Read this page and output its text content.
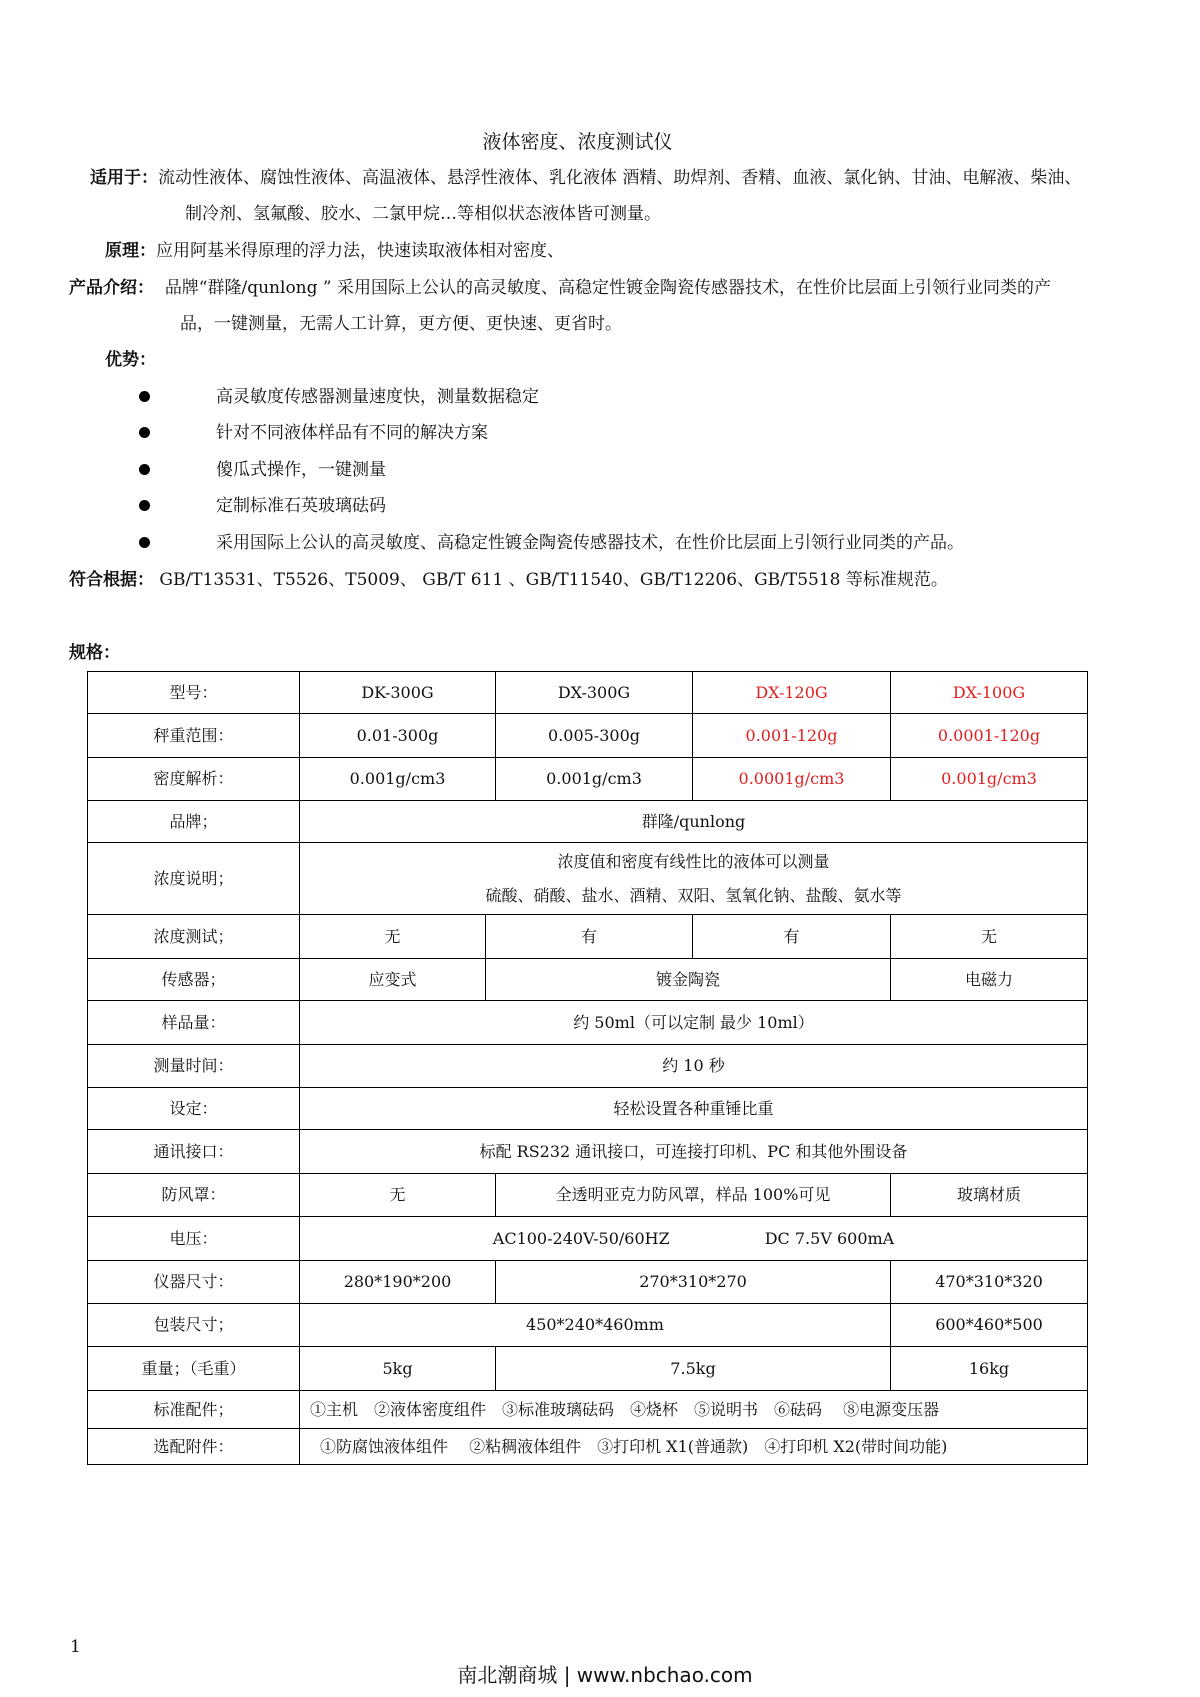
液体密度、浓度测试仪
适用于：流动性液体、腐蚀性液体、高温液体、悬浮性液体、乳化液体 酒精、助焊剂、香精、血液、氯化钠、甘油、电解液、柴油、
制冷剂、氢氟酸、胶水、二氯甲烷…等相似状态液体皆可测量。
原理：应用阿基米得原理的浮力法，快速读取液体相对密度、
产品介绍： 品牌“群隆/qunlong ” 采用国际上公认的高灵敏度、高稳定性镀金陶瓷传感器技术，在性价比层面上引领行业同类的产
品，一键测量，无需人工计算，更方便、更快速、更省时。
优势：
高灵敏度传感器测量速度快，测量数据稳定
针对不同液体样品有不同的解决方案
傻瓜式操作，一键测量
定制标准石英玻璃砝码
采用国际上公认的高灵敏度、高稳定性镀金陶瓷传感器技术，在性价比层面上引领行业同类的产品。
符合根据： GB/T13531、T5526、T5009、 GB/T 611 、GB/T11540、GB/T12206、GB/T5518 等标准规范。
规格：
型号：	DK-300G		DX-300G	DX-120G	DX-100G
秤重范围：	0.01-300g		0.005-300g	0.001-120g	0.0001-120g
密度解析：	0.001g/cm3		0.001g/cm3	0.0001g/cm3	0.001g/cm3
品牌；	群隆/qunlong				
浓度说明；	浓度值和密度有线性比的液体可以测量
硫酸、硝酸、盐水、酒精、双阳、氢氧化钠、盐酸、氨水等				

浓度测试；	无	有		有	无
传感器；	应变式	镀金陶瓷			电磁力
样品量：	约 50ml（可以定制 最少 10ml）				
测量时间：	约 10 秒				
设定：	轻松设置各种重锤比重				
通讯接口：	标配 RS232 通讯接口，可连接打印机、PC 和其他外围设备				
防风罩：	无		全透明亚克力防风罩，样品 100%可见		玻璃材质
电压：	AC100-240V-50/60HZ DC 7.5V 600mA				
仪器尺寸：	280*190*200		270*310*270		470*310*320
包装尺寸；	450*240*460mm				600*460*500
重量；（毛重）	5kg		7.5kg		16kg
标准配件；	①主机　②液体密度组件　③标准玻璃砝码　④烧杯　⑤说明书　⑥砝码　 ⑧电源变压器				
选配附件：	①防腐蚀液体组件　 ②粘稠液体组件　③打印机 X1(普通款)　④打印机 X2(带时间功能)				
1
南北潮商城 | www.nbchao.com
